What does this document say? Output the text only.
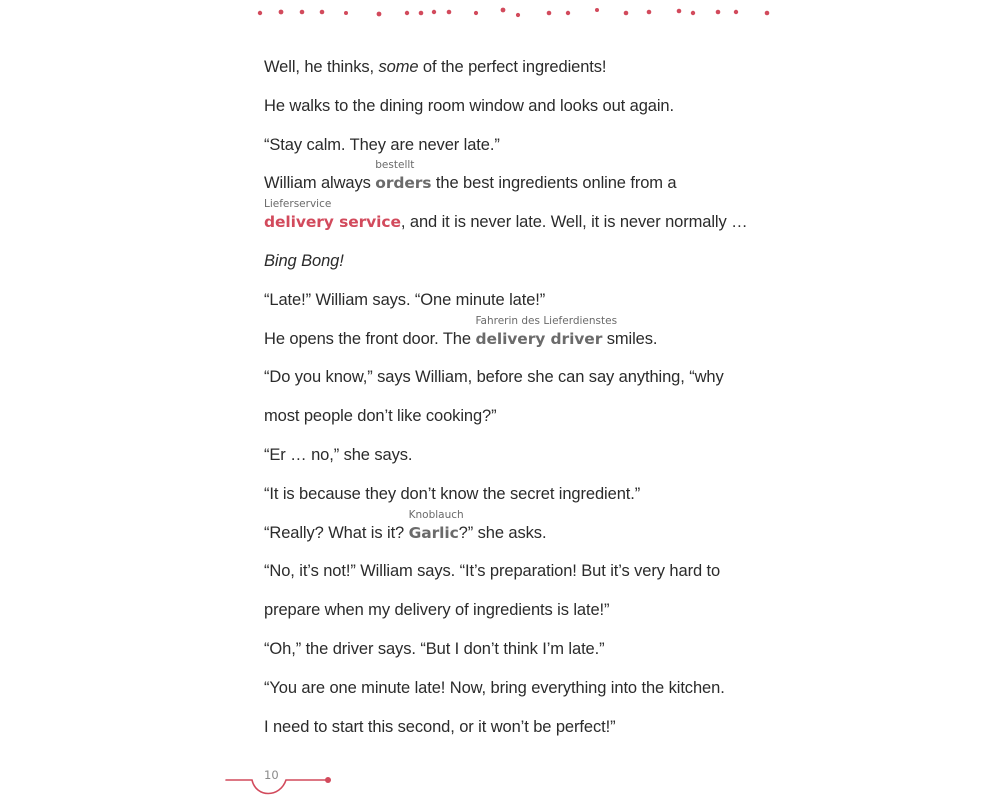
Well, he thinks, some of the perfect ingredients!
He walks to the dining room window and looks out again.
“Stay calm. They are never late.”
William always
bestellt
orders the best ingredients online from a
Lieferservice
delivery service, and it is never late. Well, it is never normally …
Bing Bong!
“Late!” William says. “One minute late!”
He opens the front door. The
Fahrerin des Lieferdienstes
delivery driver smiles.
“Do you know,” says William, before she can say anything, “why
most people don’t like cooking?”
“Er … no,” she says.
“It is because they don’t know the secret ingredient.”
“Really? What is it?
Knoblauch
Garlic?” she asks.
“No, it’s not!” William says. “It’s preparation! But it’s very hard to
prepare when my delivery of ingredients is late!”
“Oh,” the driver says. “But I don’t think I’m late.”
“You are one minute late! Now, bring everything into the kitchen.
I need to start this second, or it won’t be perfect!”
10
